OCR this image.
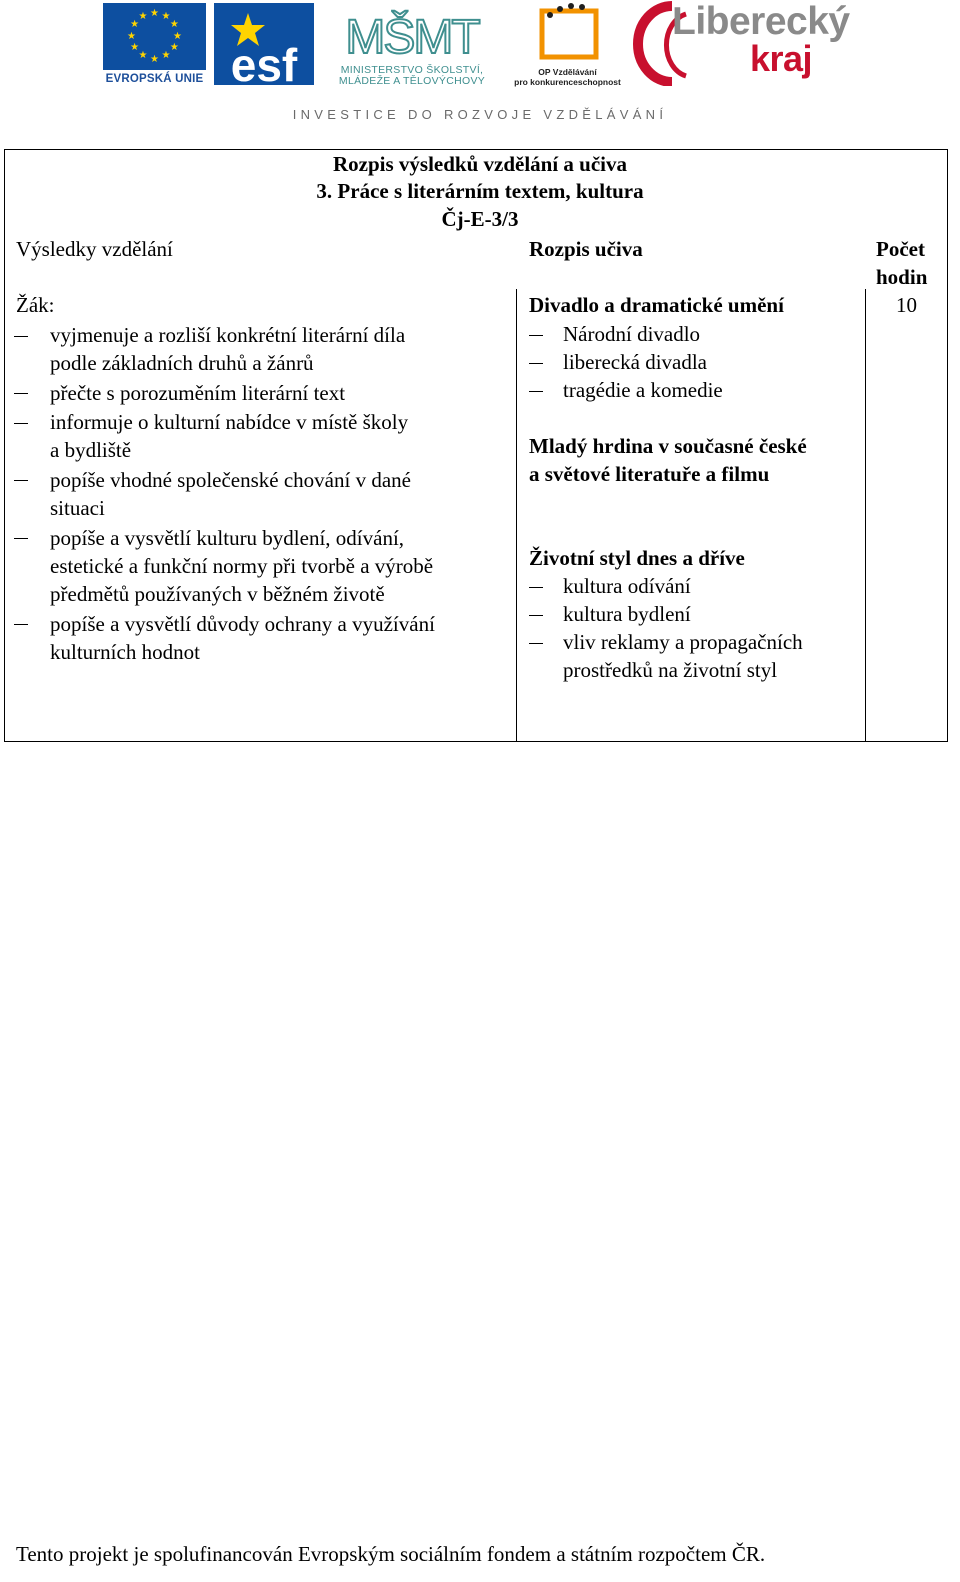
★ ★
★
★
★
★
★
★
★
★
★
★
EVROPSKÁ UNIE esf
MŠMT
MINISTERSTVO ŠKOLSTVÍ,
MLÁDEŽE A TĚLOVÝCHOVY
OP Vzdělávání
pro konkurenceschopnost
Liberecký
kraj
INVESTICE DO ROZVOJE VZDĚLÁVÁNÍ
Rozpis výsledků vzdělání a učiva
3. Práce s literárním textem, kultura
Čj-E-3/3
Výsledky vzdělání	Rozpis učiva	Počet
hodin
Žák:
vyjmenuje a rozliší konkrétní literární díla
podle základních druhů a žánrů
přečte s porozuměním literární text
informuje o kulturní nabídce v místě školy
a bydliště
popíše vhodné společenské chování v dané
situaci
popíše a vysvětlí kulturu bydlení, odívání,
estetické a funkční normy při tvorbě a výrobě
předmětů používaných v běžném životě
popíše a vysvětlí důvody ochrany a využívání
kulturních hodnot
Divadlo a dramatické umění
Národní divadlo
liberecká divadla
tragédie a komedie
Mladý hrdina v současné české
a světové literatuře a filmu
Životní styl dnes a dříve
kultura odívání
kultura bydlení
vliv reklamy a propagačních
prostředků na životní styl
10
Tento projekt je spolufinancován Evropským sociálním fondem a státním rozpočtem ČR.
